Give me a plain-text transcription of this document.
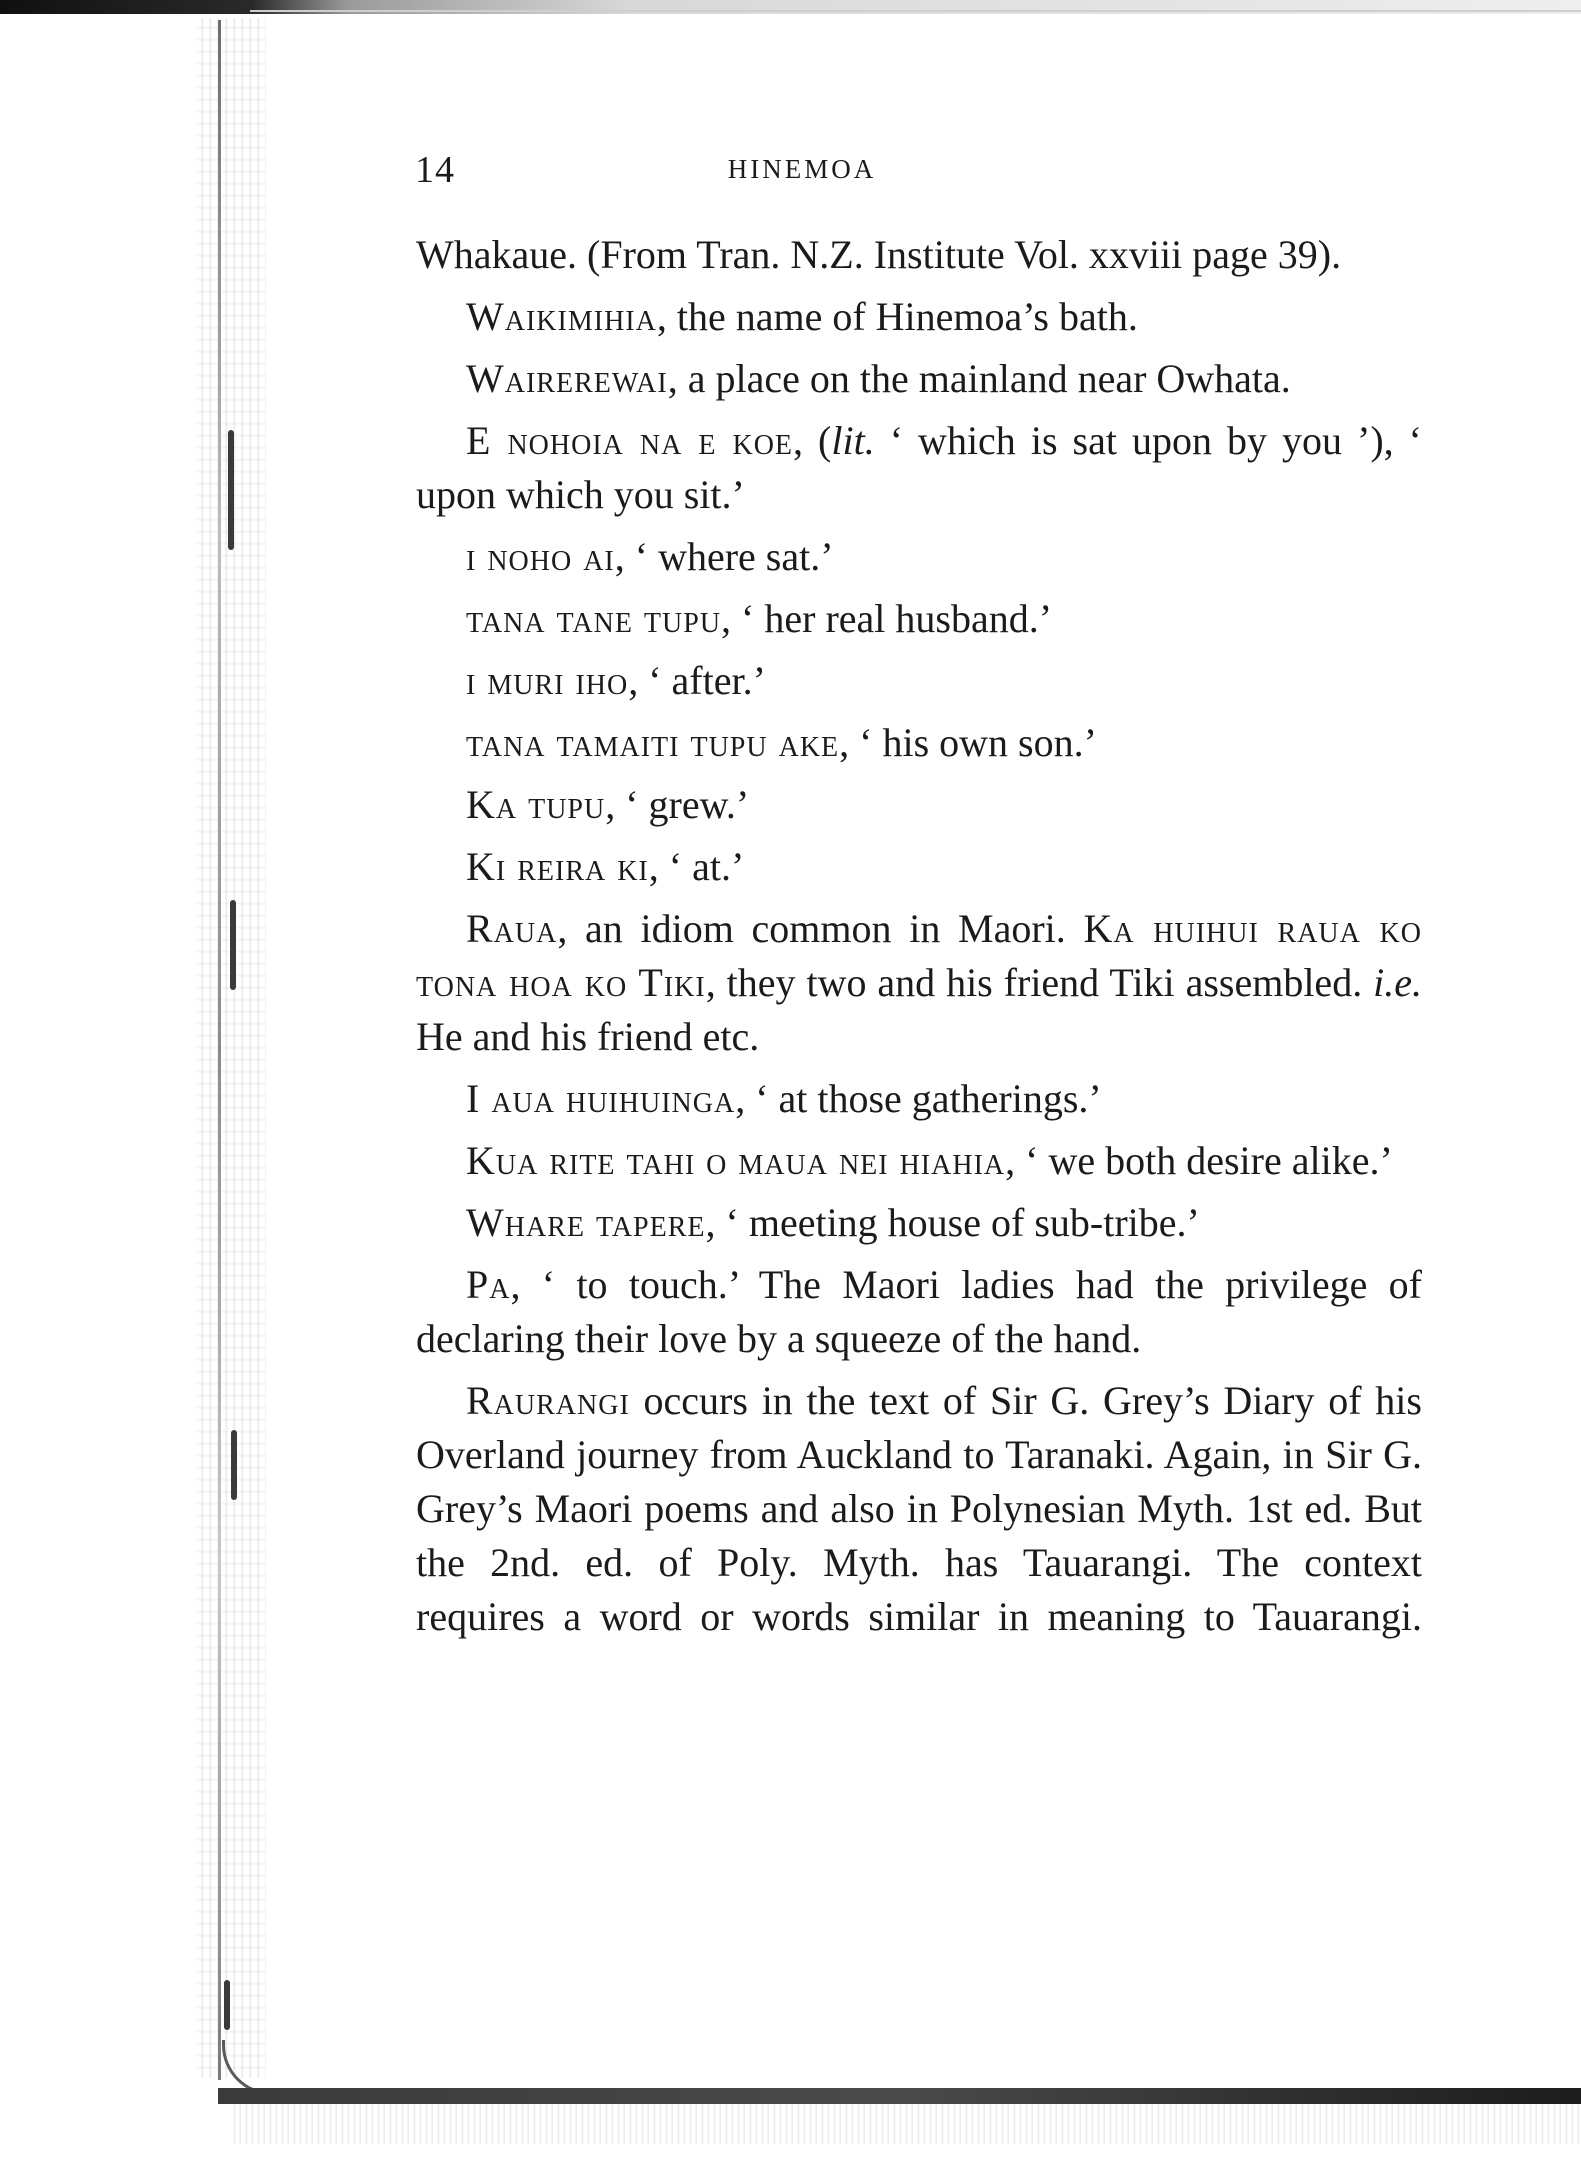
14	HINEMOA

Whakaue. (From Tran. N.Z. Institute Vol. xxviii page 39).

Waikimihia, the name of Hinemoa’s bath.

Wairerewai, a place on the mainland near Owhata.

E nohoia na e koe, (lit. ‘ which is sat upon by you ’), ‘ upon which you sit.’

i noho ai, ‘ where sat.’

tana tane tupu, ‘ her real husband.’

i muri iho, ‘ after.’

tana tamaiti tupu ake, ‘ his own son.’

Ka tupu, ‘ grew.’

Ki reira ki, ‘ at.’

Raua, an idiom common in Maori. Ka huihui raua ko tona hoa ko Tiki, they two and his friend Tiki assembled. i.e. He and his friend etc.

I aua huihuinga, ‘ at those gatherings.’

Kua rite tahi o maua nei hiahia, ‘ we both desire alike.’

Whare tapere, ‘ meeting house of sub-tribe.’

Pa, ‘ to touch.’ The Maori ladies had the privilege of declaring their love by a squeeze of the hand.

Raurangi occurs in the text of Sir G. Grey’s Diary of his Overland journey from Auckland to Taranaki. Again, in Sir G. Grey’s Maori poems and also in Polynesian Myth. 1st ed. But the 2nd. ed. of Poly. Myth. has Tauarangi. The context requires a word or words similar in meaning to Tauarangi.
